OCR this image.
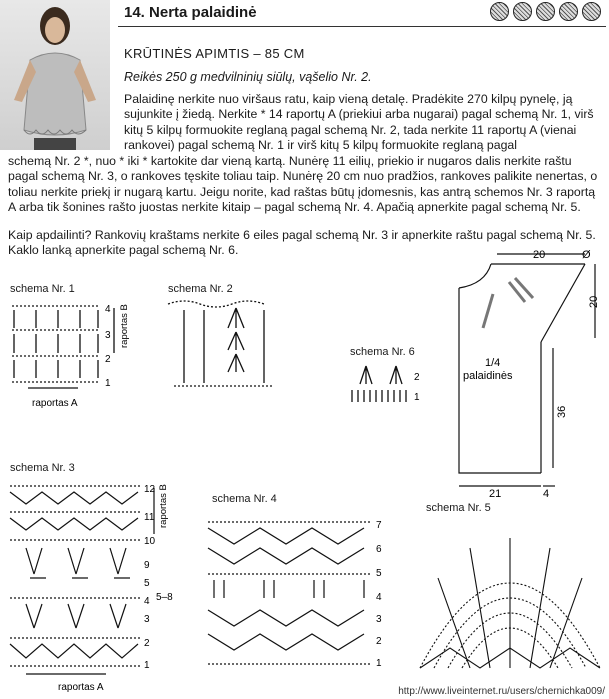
14. Nerta palaidinė
KRŪTINĖS APIMTIS – 85 CM
Reikės 250 g medvilninių siūlų, vąšelio Nr. 2.
Palaidinę nerkite nuo viršaus ratu, kaip vieną detalę. Pradėkite 270 kilpų pynelę, ją sujunkite į žiedą. Nerkite * 14 raportų A (priekiui arba nugarai) pagal schemą Nr. 1, virš kitų 5 kilpų formuokite reglaną pagal schemą Nr. 2, tada nerkite 11 raportų A (vienai rankovei) pagal schemą Nr. 1 ir virš kitų 5 kilpų formuokite reglaną pagal
schemą Nr. 2 *, nuo * iki * kartokite dar vieną kartą. Nunėrę 11 eilių, priekio ir nugaros dalis nerkite raštu pagal schemą Nr. 3, o rankoves tęskite toliau taip. Nunėrę 20 cm nuo pradžios, rankoves palikite nenertas, o toliau nerkite priekį ir nugarą kartu. Jeigu norite, kad raštas būtų įdomesnis, kas antrą schemos Nr. 3 raportą A arba tik šonines rašto juostas nerkite kitaip – pagal schemą Nr. 4. Apačią apnerkite pagal schemą Nr. 5.
Kaip apdailinti? Rankovių kraštams nerkite 6 eiles pagal schemą Nr. 3 ir apnerkite raštu pagal schemą Nr. 5. Kaklo lanką apnerkite pagal schemą Nr. 6.
schema Nr. 1
4
3
2
1
raportas B
raportas A
schema Nr. 2
schema Nr. 6
2
1
20	Ø
20
36
21	4
1/4
palaidinės
schema Nr. 3
12
11
10
9
5
4
3
2
1
5–8
raportas B
raportas A
schema Nr. 4
7
6
5
4
3
2
1
schema Nr. 5
http://www.liveinternet.ru/users/chernichka009/
